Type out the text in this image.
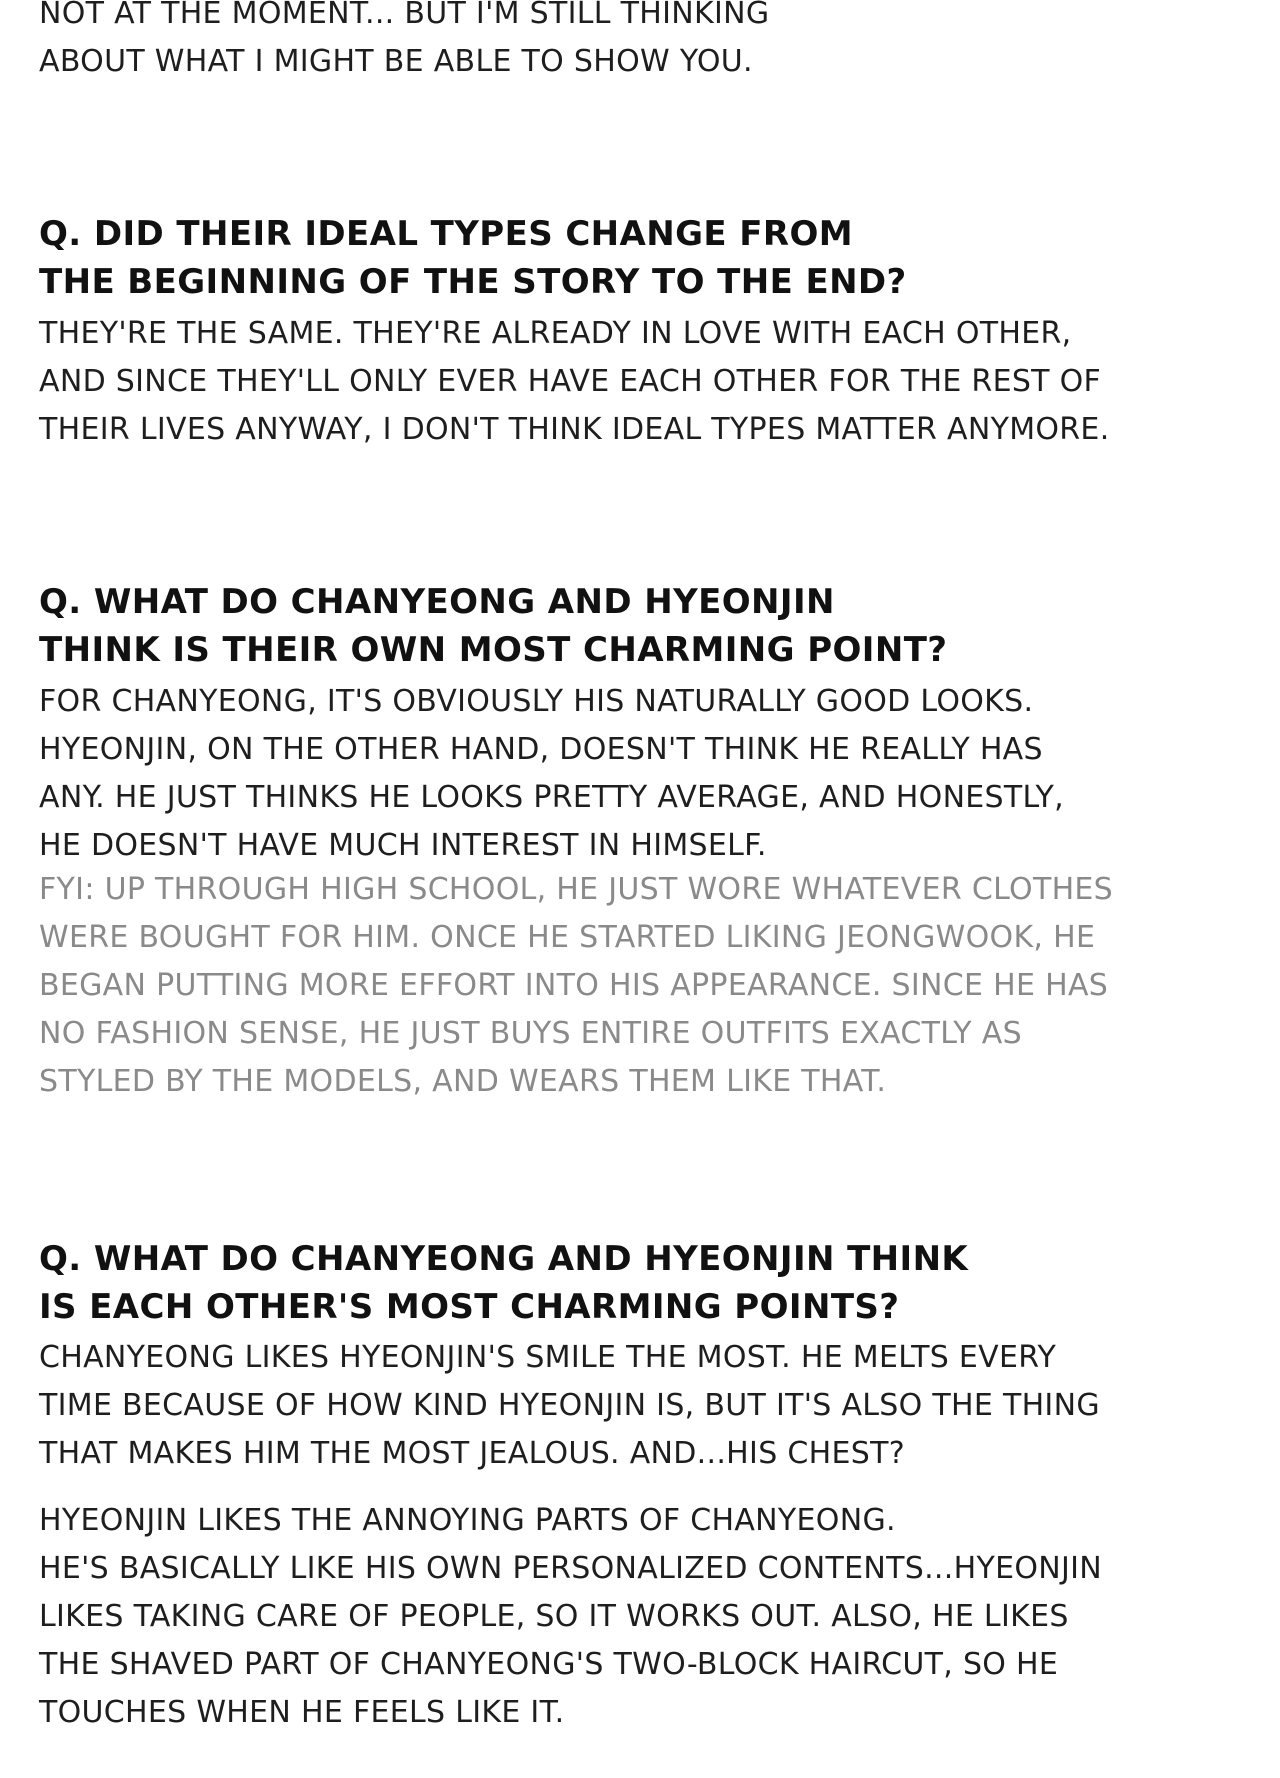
NOT AT THE MOMENT... BUT I'M STILL THINKING
ABOUT WHAT I MIGHT BE ABLE TO SHOW YOU.
Q. DID THEIR IDEAL TYPES CHANGE FROM
THE BEGINNING OF THE STORY TO THE END?
THEY'RE THE SAME. THEY'RE ALREADY IN LOVE WITH EACH OTHER,
AND SINCE THEY'LL ONLY EVER HAVE EACH OTHER FOR THE REST OF
THEIR LIVES ANYWAY, I DON'T THINK IDEAL TYPES MATTER ANYMORE.
Q. WHAT DO CHANYEONG AND HYEONJIN
THINK IS THEIR OWN MOST CHARMING POINT?
FOR CHANYEONG, IT'S OBVIOUSLY HIS NATURALLY GOOD LOOKS.
HYEONJIN, ON THE OTHER HAND, DOESN'T THINK HE REALLY HAS
ANY. HE JUST THINKS HE LOOKS PRETTY AVERAGE, AND HONESTLY,
HE DOESN'T HAVE MUCH INTEREST IN HIMSELF.
FYI: UP THROUGH HIGH SCHOOL, HE JUST WORE WHATEVER CLOTHES
WERE BOUGHT FOR HIM. ONCE HE STARTED LIKING JEONGWOOK, HE
BEGAN PUTTING MORE EFFORT INTO HIS APPEARANCE. SINCE HE HAS
NO FASHION SENSE, HE JUST BUYS ENTIRE OUTFITS EXACTLY AS
STYLED BY THE MODELS, AND WEARS THEM LIKE THAT.
Q. WHAT DO CHANYEONG AND HYEONJIN THINK
IS EACH OTHER'S MOST CHARMING POINTS?
CHANYEONG LIKES HYEONJIN'S SMILE THE MOST. HE MELTS EVERY
TIME BECAUSE OF HOW KIND HYEONJIN IS, BUT IT'S ALSO THE THING
THAT MAKES HIM THE MOST JEALOUS. AND...HIS CHEST?
HYEONJIN LIKES THE ANNOYING PARTS OF CHANYEONG.
HE'S BASICALLY LIKE HIS OWN PERSONALIZED CONTENTS...HYEONJIN
LIKES TAKING CARE OF PEOPLE, SO IT WORKS OUT. ALSO, HE LIKES
THE SHAVED PART OF CHANYEONG'S TWO-BLOCK HAIRCUT, SO HE
TOUCHES WHEN HE FEELS LIKE IT.
